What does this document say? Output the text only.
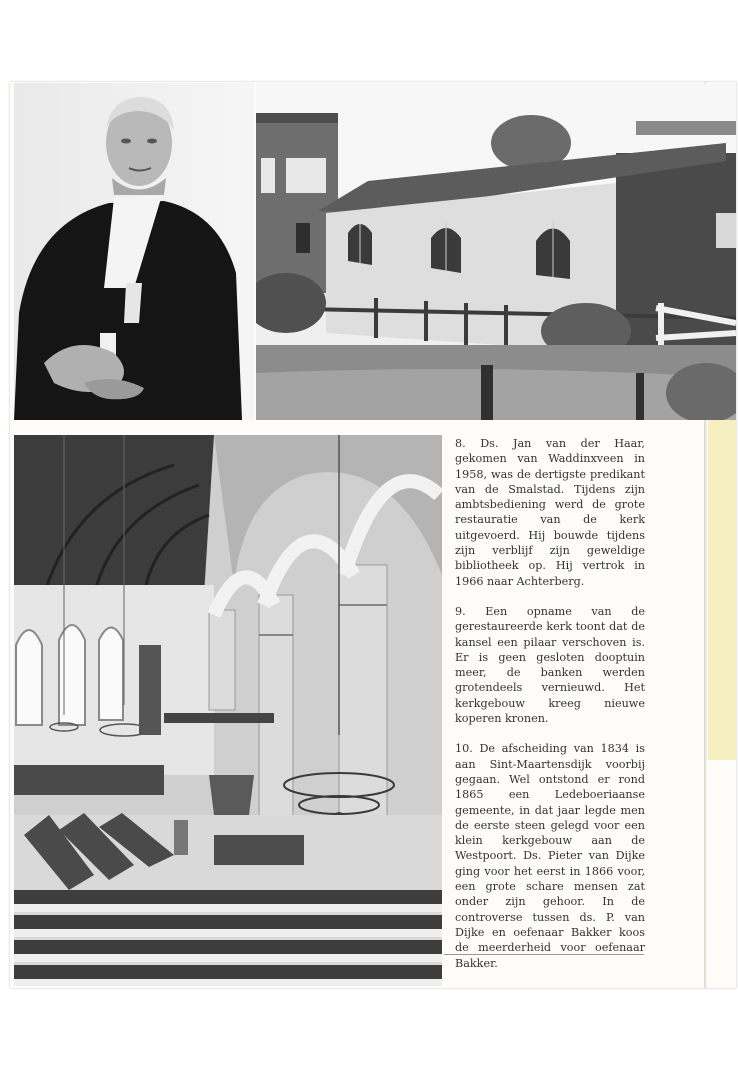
8. Ds. Jan van der Haar, gekomen van Waddinxveen in 1958, was de dertigste predikant van de Smalstad. Tijdens zijn ambtsbediening werd de grote restauratie van de kerk uitgevoerd. Hij bouwde tijdens zijn verblijf zijn geweldige bibliotheek op. Hij vertrok in 1966 naar Achterberg.

9. Een opname van de gerestaureerde kerk toont dat de kansel een pilaar verschoven is. Er is geen gesloten dooptuin meer, de banken werden grotendeels vernieuwd. Het kerkgebouw kreeg nieuwe koperen kronen.

10. De afscheiding van 1834 is aan Sint-Maartensdijk voorbij gegaan. Wel ontstond er rond 1865 een Ledeboeriaanse gemeente, in dat jaar legde men de eerste steen gelegd voor een klein kerkgebouw aan de Westpoort. Ds. Pieter van Dijke ging voor het eerst in 1866 voor, een grote schare mensen zat onder zijn gehoor. In de controverse tussen ds. P. van Dijke en oefenaar Bakker koos de meerderheid voor oefenaar Bakker.
